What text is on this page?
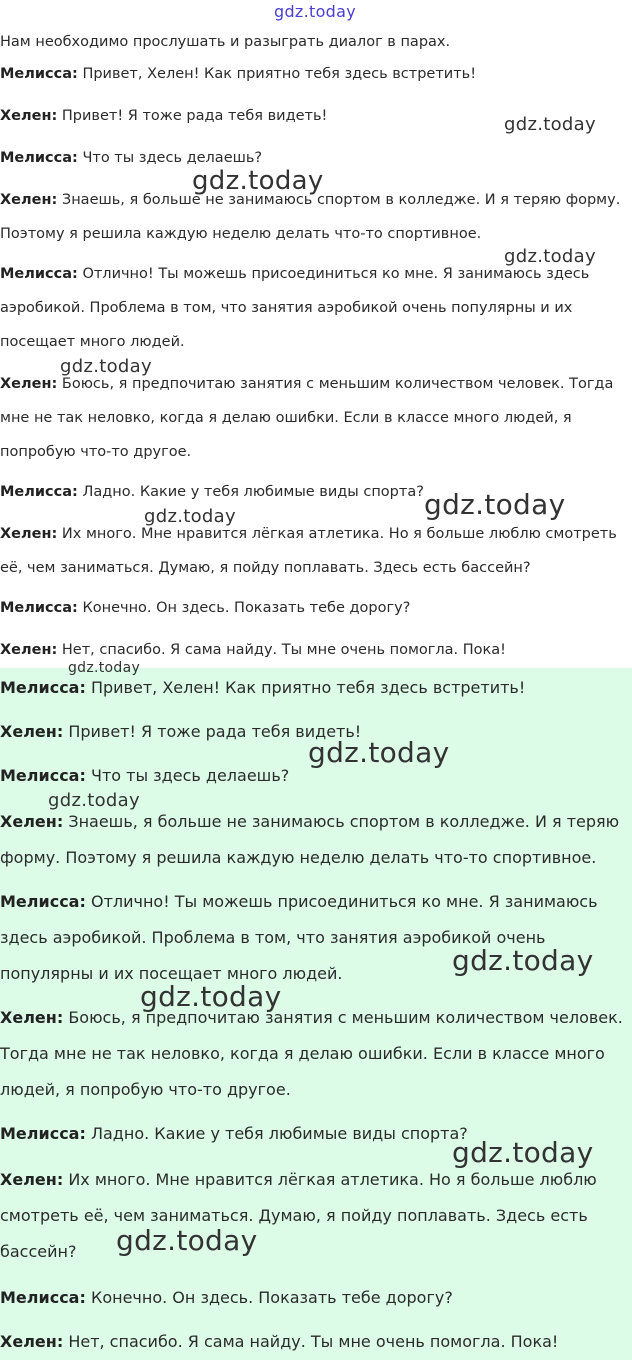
gdz.today
Нам необходимо прослушать и разыграть диалог в парах.
Мелисса: Привет, Хелен! Как приятно тебя здесь встретить!
Хелен: Привет! Я тоже рада тебя видеть!
Мелисса: Что ты здесь делаешь?
Хелен: Знаешь, я больше не занимаюсь спортом в колледже. И я теряю форму.
Поэтому я решила каждую неделю делать что-то спортивное.
Мелисса: Отлично! Ты можешь присоединиться ко мне. Я занимаюсь здесь
аэробикой. Проблема в том, что занятия аэробикой очень популярны и их
посещает много людей.
Хелен: Боюсь, я предпочитаю занятия с меньшим количеством человек. Тогда
мне не так неловко, когда я делаю ошибки. Если в классе много людей, я
попробую что-то другое.
Мелисса: Ладно. Какие у тебя любимые виды спорта?
Хелен: Их много. Мне нравится лёгкая атлетика. Но я больше люблю смотреть
её, чем заниматься. Думаю, я пойду поплавать. Здесь есть бассейн?
Мелисса: Конечно. Он здесь. Показать тебе дорогу?
Хелен: Нет, спасибо. Я сама найду. Ты мне очень помогла. Пока!
Мелисса: Привет, Хелен! Как приятно тебя здесь встретить!
Хелен: Привет! Я тоже рада тебя видеть!
Мелисса: Что ты здесь делаешь?
Хелен: Знаешь, я больше не занимаюсь спортом в колледже. И я теряю
форму. Поэтому я решила каждую неделю делать что-то спортивное.
Мелисса: Отлично! Ты можешь присоединиться ко мне. Я занимаюсь
здесь аэробикой. Проблема в том, что занятия аэробикой очень
популярны и их посещает много людей.
Хелен: Боюсь, я предпочитаю занятия с меньшим количеством человек.
Тогда мне не так неловко, когда я делаю ошибки. Если в классе много
людей, я попробую что-то другое.
Мелисса: Ладно. Какие у тебя любимые виды спорта?
Хелен: Их много. Мне нравится лёгкая атлетика. Но я больше люблю
смотреть её, чем заниматься. Думаю, я пойду поплавать. Здесь есть
бассейн?
Мелисса: Конечно. Он здесь. Показать тебе дорогу?
Хелен: Нет, спасибо. Я сама найду. Ты мне очень помогла. Пока!
gdz.today
gdz.today
gdz.today
gdz.today
gdz.today
gdz.today
gdz.today
gdz.today
gdz.today
gdz.today
gdz.today
gdz.today
gdz.today
